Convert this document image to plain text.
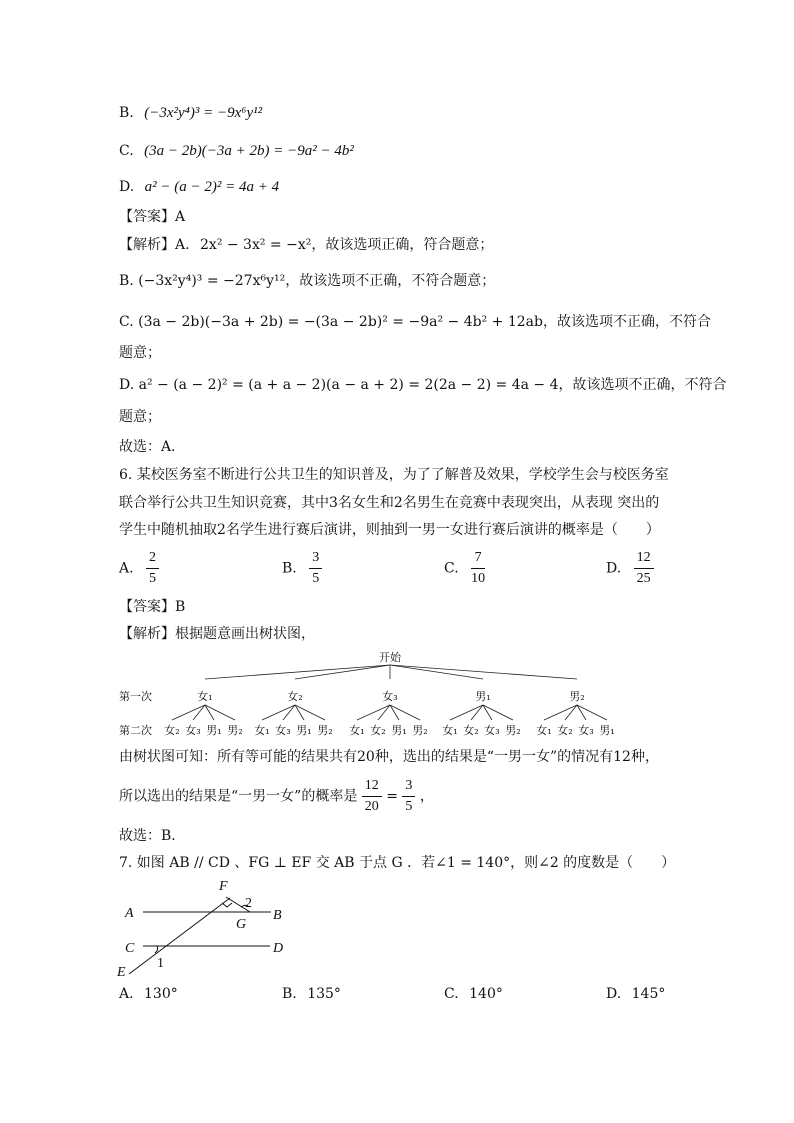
B. (−3x²y⁴)³ = −9x⁶y¹²
C. (3a − 2b)(−3a + 2b) = −9a² − 4b²
D. a² − (a − 2)² = 4a + 4
【答案】A
【解析】A. 2x² − 3x² = −x²，故该选项正确，符合题意；
B. (−3x²y⁴)³ = −27x⁶y¹²，故该选项不正确，不符合题意；
C. (3a − 2b)(−3a + 2b) = −(3a − 2b)² = −9a² − 4b² + 12ab，故该选项不正确，不符合
题意；
D. a² − (a − 2)² = (a + a − 2)(a − a + 2) = 2(2a − 2) = 4a − 4，故该选项不正确，不符合
题意；
故选：A．
6. 某校医务室不断进行公共卫生的知识普及，为了了解普及效果，学校学生会与校医务室
联合举行公共卫生知识竞赛，其中3名女生和2名男生在竞赛中表现突出，从表现 突出的
学生中随机抽取2名学生进行赛后演讲，则抽到一男一女进行赛后演讲的概率是（　　）
A. $\frac{2}{5}$	B. $\frac{3}{5}$	C. $\frac{7}{10}$	D. $\frac{12}{25}$
【答案】B
【解析】根据题意画出树状图，
开始
第一次
第二次
女₁
女₂ 女₃ 男₁ 男₂
女₂
女₁ 女₃ 男₁ 男₂
女₃
女₁ 女₂ 男₁ 男₂
男₁
女₁ 女₂ 女₃ 男₂
男₂
女₁ 女₂ 女₃ 男₁
由树状图可知：所有等可能的结果共有20种，选出的结果是“一男一女”的情况有12种，
所以选出的结果是“一男一女”的概率是 $\frac{12}{20} = \frac{3}{5}$ ，
故选：B．
7. 如图 AB // CD 、FG ⊥ EF 交 AB 于点 G ．若∠1 = 140°，则∠2 的度数是（　　）
A	B
C	D
E
F
G
1
2
A. 130°	B. 135°	C. 140°	D. 145°
